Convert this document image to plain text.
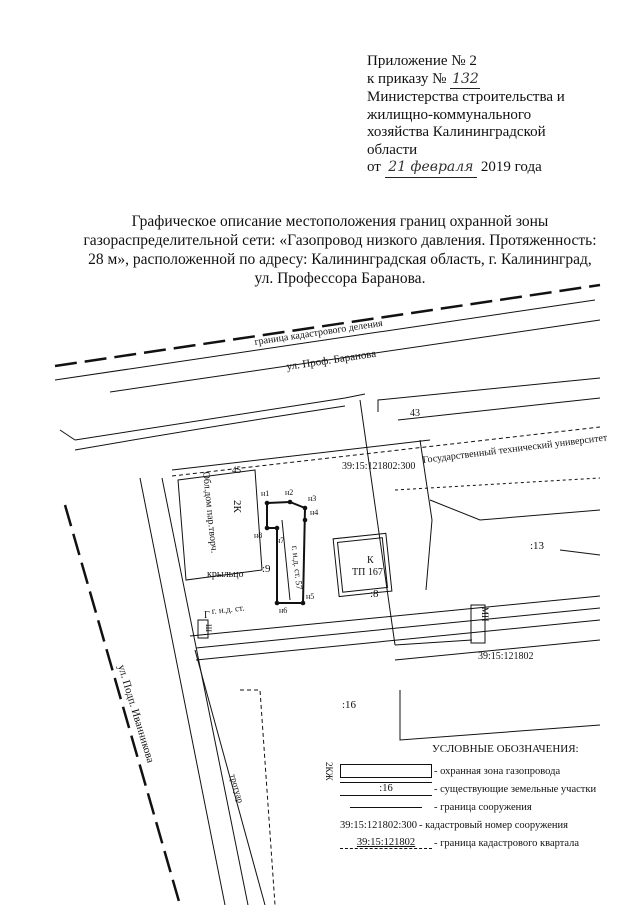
Приложение № 2
к приказу № 132
Министерства строительства и
жилищно-коммунального
хозяйства Калининградской
области
от 21 февраля 2019 года
Графическое описание местоположения границ охранной зоны
газораспределительной сети: «Газопровод низкого давления. Протяженность:
28 м», расположенной по адресу: Калининградская область, г. Калининград,
ул. Профессора Баранова.
граница кадастрового деления
ул. Проф. Баранова
43
Государственный технический университет
39:15:121802:300
45
2К
Обл.дом пар.творч.
:9
крыльцо
:13
К
ТП 167
:8
г. н.д. ст. 57
г. н.д. ст.
Г	МН
Ш
39:15:121802
:16
ул. Подп. Иванникова
тротуар
2КЖ
н1 н2
н3
н4
н5
н6
н7
н8
УСЛОВНЫЕ ОБОЗНАЧЕНИЯ:
- охранная зона газопровода
:16	- существующие земельные участки
- граница сооружения
39:15:121802:300 - кадастровый номер сооружения
39:15:121802	- граница кадастрового квартала
